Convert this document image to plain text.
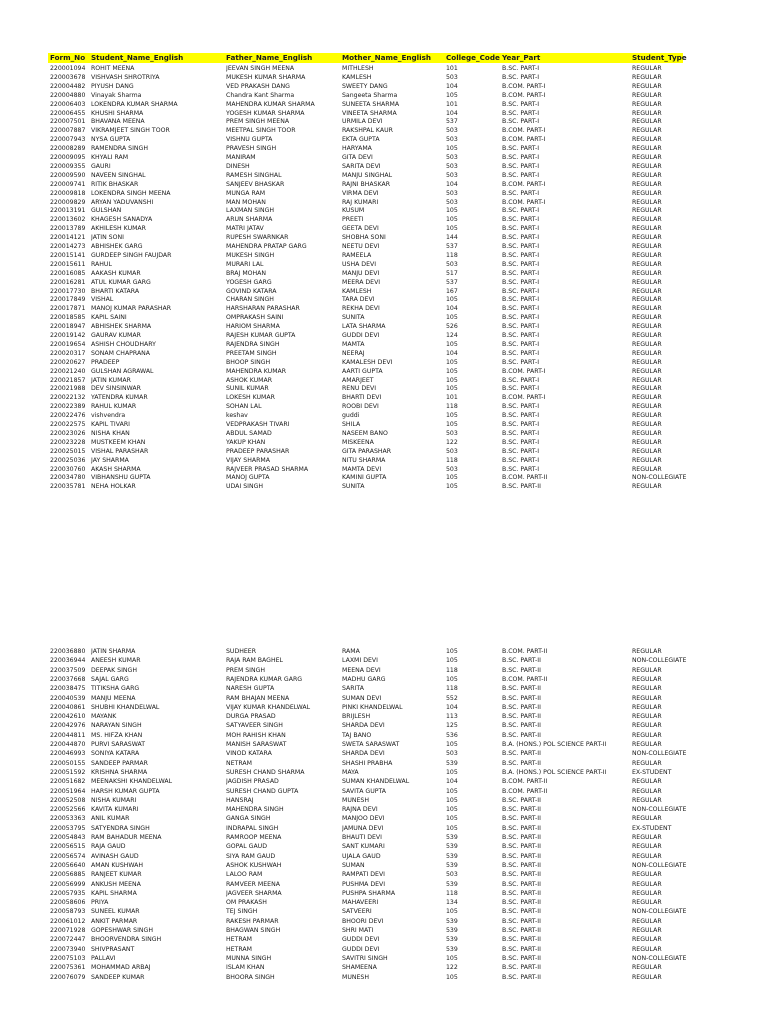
Form_No Student_Name_English	Father_Name_English	Mother_Name_English	College_Code Year_Part	Student_Type
220001094 ROHIT MEENA	JEEVAN SINGH MEENA	MITHLESH	101	B.SC. PART-I	REGULAR
220003678 VISHVASH SHROTRIYA	MUKESH KUMAR SHARMA	KAMLESH	503	B.SC. PART-I	REGULAR
220004482 PIYUSH DANG	VED PRAKASH DANG	SWEETY DANG	104	B.COM. PART-I	REGULAR
220004880 Vinayak Sharma	Chandra Kant Sharma	Sangeeta Sharma	105	B.COM. PART-I	REGULAR
220006403 LOKENDRA KUMAR SHARMA	MAHENDRA KUMAR SHARMA	SUNEETA SHARMA	101	B.SC. PART-I	REGULAR
220006455 KHUSHI SHARMA	YOGESH KUMAR SHARMA	VINEETA SHARMA	104	B.SC. PART-I	REGULAR
220007501 BHAVANA MEENA	PREM SINGH MEENA	URMILA DEVI	537	B.SC. PART-I	REGULAR
220007887 VIKRAMJEET SINGH TOOR	MEETPAL SINGH TOOR	RAKSHPAL KAUR	503	B.COM. PART-I	REGULAR
220007943 NYSA GUPTA	VISHNU GUPTA	EKTA GUPTA	503	B.COM. PART-I	REGULAR
220008289 RAMENDRA SINGH	PRAVESH SINGH	HARYAMA	105	B.SC. PART-I	REGULAR
220009095 KHYALI RAM	MANIRAM	GITA DEVI	503	B.SC. PART-I	REGULAR
220009355 GAURI	DINESH	SARITA DEVI	503	B.SC. PART-I	REGULAR
220009590 NAVEEN SINGHAL	RAMESH SINGHAL	MANJU SINGHAL	503	B.SC. PART-I	REGULAR
220009741 RITIK BHASKAR	SANJEEV BHASKAR	RAJNI BHASKAR	104	B.COM. PART-I	REGULAR
220009818 LOKENDRA SINGH MEENA	MUNGA RAM	VIRMA DEVI	503	B.SC. PART-I	REGULAR
220009829 ARYAN YADUVANSHI	MAN MOHAN	RAJ KUMARI	503	B.COM. PART-I	REGULAR
220013191 GULSHAN	LAXMAN SINGH	KUSUM	105	B.SC. PART-I	REGULAR
220013602 KHAGESH SANADYA	ARUN SHARMA	PREETI	105	B.SC. PART-I	REGULAR
220013789 AKHILESH KUMAR	MATRI JATAV	GEETA DEVI	105	B.SC. PART-I	REGULAR
220014121 JATIN SONI	RUPESH SWARNKAR	SHOBHA SONI	144	B.SC. PART-I	REGULAR
220014273 ABHISHEK GARG	MAHENDRA PRATAP GARG	NEETU DEVI	537	B.SC. PART-I	REGULAR
220015141 GURDEEP SINGH FAUJDAR	MUKESH SINGH	RAMEELA	118	B.SC. PART-I	REGULAR
220015611 RAHUL	MURARI LAL	USHA DEVI	503	B.SC. PART-I	REGULAR
220016085 AAKASH KUMAR	BRAJ MOHAN	MANJU DEVI	517	B.SC. PART-I	REGULAR
220016281 ATUL KUMAR GARG	YOGESH GARG	MEERA DEVI	537	B.SC. PART-I	REGULAR
220017730 BHARTI KATARA	GOVIND KATARA	KAMLESH	167	B.SC. PART-I	REGULAR
220017849 VISHAL	CHARAN SINGH	TARA DEVI	105	B.SC. PART-I	REGULAR
220017871 MANOJ KUMAR PARASHAR	HARSHARAN PARASHAR	REKHA DEVI	104	B.SC. PART-I	REGULAR
220018585 KAPIL SAINI	OMPRAKASH SAINI	SUNITA	105	B.SC. PART-I	REGULAR
220018947 ABHISHEK SHARMA	HARIOM SHARMA	LATA SHARMA	526	B.SC. PART-I	REGULAR
220019142 GAURAV KUMAR	RAJESH KUMAR GUPTA	GUDDI DEVI	124	B.SC. PART-I	REGULAR
220019654 ASHISH CHOUDHARY	RAJENDRA SINGH	MAMTA	105	B.SC. PART-I	REGULAR
220020317 SONAM CHAPRANA	PREETAM SINGH	NEERAJ	104	B.SC. PART-I	REGULAR
220020627 PRADEEP	BHOOP SINGH	KAMALESH DEVI	105	B.SC. PART-I	REGULAR
220021240 GULSHAN AGRAWAL	MAHENDRA KUMAR	AARTI GUPTA	105	B.COM. PART-I	REGULAR
220021857 JATIN KUMAR	ASHOK KUMAR	AMARJEET	105	B.SC. PART-I	REGULAR
220021988 DEV SINSINWAR	SUNIL KUMAR	RENU DEVI	105	B.SC. PART-I	REGULAR
220022132 YATENDRA KUMAR	LOKESH KUMAR	BHARTI DEVI	101	B.COM. PART-I	REGULAR
220022389 RAHUL KUMAR	SOHAN LAL	ROOBI DEVI	118	B.SC. PART-I	REGULAR
220022476 vishvendra	keshav	guddi	105	B.SC. PART-I	REGULAR
220022575 KAPIL TIVARI	VEDPRAKASH TIVARI	SHILA	105	B.SC. PART-I	REGULAR
220023026 NISHA KHAN	ABDUL SAMAD	NASEEM BANO	503	B.SC. PART-I	REGULAR
220023228 MUSTKEEM KHAN	YAKUP KHAN	MISKEENA	122	B.SC. PART-I	REGULAR
220025015 VISHAL PARASHAR	PRADEEP PARASHAR	GITA PARASHAR	503	B.SC. PART-I	REGULAR
220025036 JAY SHARMA	VIJAY SHARMA	NITU SHARMA	118	B.SC. PART-I	REGULAR
220030760 AKASH SHARMA	RAJVEER PRASAD SHARMA	MAMTA DEVI	503	B.SC. PART-I	REGULAR
220034780 VIBHANSHU GUPTA	MANOJ GUPTA	KAMINI GUPTA	105	B.COM. PART-II	NON-COLLEGIATE
220035781 NEHA HOLKAR	UDAI SINGH	SUNITA	105	B.SC. PART-II	REGULAR
220036880 JATIN SHARMA	SUDHEER	RAMA	105	B.COM. PART-II	REGULAR
220036944 ANEESH KUMAR	RAJA RAM BAGHEL	LAXMI DEVI	105	B.SC. PART-II	NON-COLLEGIATE
220037509 DEEPAK SINGH	PREM SINGH	MEENA DEVI	118	B.SC. PART-II	REGULAR
220037668 SAJAL GARG	RAJENDRA KUMAR GARG	MADHU GARG	105	B.COM. PART-II	REGULAR
220038475 TITIKSHA GARG	NARESH GUPTA	SARITA	118	B.SC. PART-II	REGULAR
220040539 MANJU MEENA	RAM BHAJAN MEENA	SUMAN DEVI	552	B.SC. PART-II	REGULAR
220040861 SHUBHI KHANDELWAL	VIJAY KUMAR KHANDELWAL	PINKI KHANDELWAL	104	B.SC. PART-II	REGULAR
220042610 MAYANK	DURGA PRASAD	BRIJLESH	113	B.SC. PART-II	REGULAR
220042976 NARAYAN SINGH	SATYAVEER SINGH	SHARDA DEVI	125	B.SC. PART-II	REGULAR
220044811 MS. HIFZA KHAN	MOH RAHISH KHAN	TAJ BANO	536	B.SC. PART-II	REGULAR
220044870 PURVI SARASWAT	MANISH SARASWAT	SWETA SARASWAT	105	B.A. (HONS.) POL SCIENCE PART-II	REGULAR
220046993 SONIYA KATARA	VINOD KATARA	SHARDA DEVI	503	B.SC. PART-II	NON-COLLEGIATE
220050155 SANDEEP PARMAR	NETRAM	SHASHI PRABHA	539	B.SC. PART-II	REGULAR
220051592 KRISHNA SHARMA	SURESH CHAND SHARMA	MAYA	105	B.A. (HONS.) POL SCIENCE PART-II	EX-STUDENT
220051682 MEENAKSHI KHANDELWAL	JAGDISH PRASAD	SUMAN KHANDELWAL	104	B.COM. PART-II	REGULAR
220051964 HARSH KUMAR GUPTA	SURESH CHAND GUPTA	SAVITA GUPTA	105	B.COM. PART-II	REGULAR
220052508 NISHA KUMARI	HANSRAJ	MUNESH	105	B.SC. PART-II	REGULAR
220052566 KAVITA KUMARI	MAHENDRA SINGH	RAJNA DEVI	105	B.SC. PART-II	NON-COLLEGIATE
220053363 ANIL KUMAR	GANGA SINGH	MANJOO DEVI	105	B.SC. PART-II	REGULAR
220053795 SATYENDRA SINGH	INDRAPAL SINGH	JAMUNA DEVI	105	B.SC. PART-II	EX-STUDENT
220054843 RAM BAHADUR MEENA	RAMROOP MEENA	BHAUTI DEVI	539	B.SC. PART-II	REGULAR
220056515 RAJA GAUD	GOPAL GAUD	SANT KUMARI	539	B.SC. PART-II	REGULAR
220056574 AVINASH GAUD	SIYA RAM GAUD	UJALA GAUD	539	B.SC. PART-II	REGULAR
220056640 AMAN KUSHWAH	ASHOK KUSHWAH	SUMAN	539	B.SC. PART-II	NON-COLLEGIATE
220056885 RANJEET KUMAR	LALOO RAM	RAMPATI DEVI	503	B.SC. PART-II	REGULAR
220056999 ANKUSH MEENA	RAMVEER MEENA	PUSHMA DEVI	539	B.SC. PART-II	REGULAR
220057935 KAPIL SHARMA	JAGVEER SHARMA	PUSHPA SHARMA	118	B.SC. PART-II	REGULAR
220058606 PRIYA	OM PRAKASH	MAHAVEERI	134	B.SC. PART-II	REGULAR
220058793 SUNEEL KUMAR	TEJ SINGH	SATVEERI	105	B.SC. PART-II	NON-COLLEGIATE
220061012 ANKIT PARMAR	RAKESH PARMAR	BHOORI DEVI	539	B.SC. PART-II	REGULAR
220071928 GOPESHWAR SINGH	BHAGWAN SINGH	SHRI MATI	539	B.SC. PART-II	REGULAR
220072447 BHOORVENDRA SINGH	HETRAM	GUDDI DEVI	539	B.SC. PART-II	REGULAR
220073940 SHIVPRASANT	HETRAM	GUDDI DEVI	539	B.SC. PART-II	REGULAR
220075103 PALLAVI	MUNNA SINGH	SAVITRI SINGH	105	B.SC. PART-II	NON-COLLEGIATE
220075361 MOHAMMAD ARBAJ	ISLAM KHAN	SHAMEENA	122	B.SC. PART-II	REGULAR
220076079 SANDEEP KUMAR	BHOORA SINGH	MUNESH	105	B.SC. PART-II	REGULAR
